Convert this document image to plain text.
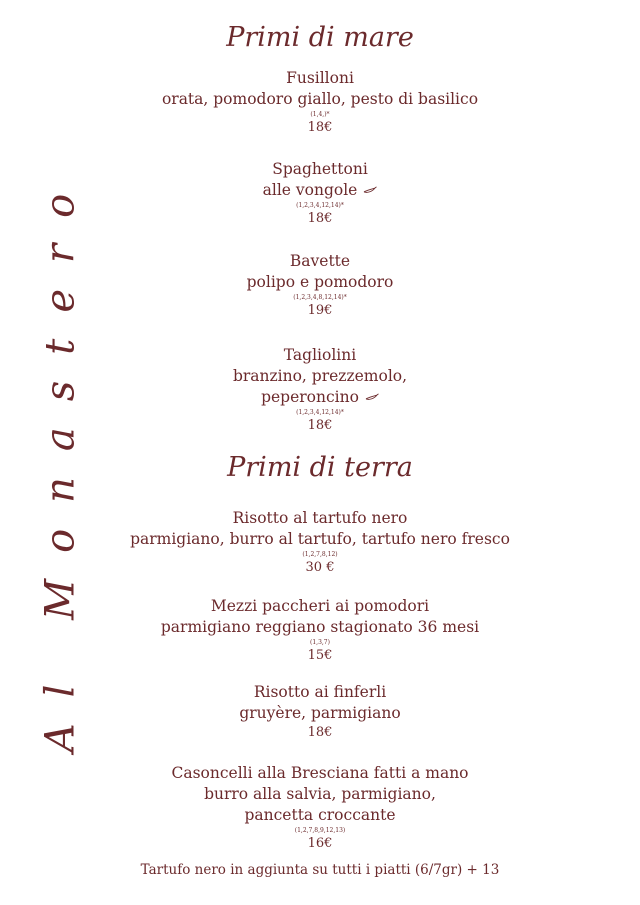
Al Monastero
Primi di mare
Fusilloni
orata, pomodoro giallo, pesto di basilico
(1,4,)*
18€
Spaghettoni
alle vongole
(1,2,3,4,12,14)*
18€
Bavette
polipo e pomodoro
(1,2,3,4,8,12,14)*
19€
Tagliolini
branzino, prezzemolo,
peperoncino
(1,2,3,4,12,14)*
18€
Primi di terra
Risotto al tartufo nero
parmigiano, burro al tartufo, tartufo nero fresco
(1,2,7,8,12)
30 €
Mezzi paccheri ai pomodori
parmigiano reggiano stagionato 36 mesi
(1,3,7)
15€
Risotto ai finferli
gruyère, parmigiano
18€
Casoncelli alla Bresciana fatti a mano
burro alla salvia, parmigiano,
pancetta croccante
(1,2,7,8,9,12,13)
16€
Tartufo nero in aggiunta su tutti i piatti (6/7gr) + 13
